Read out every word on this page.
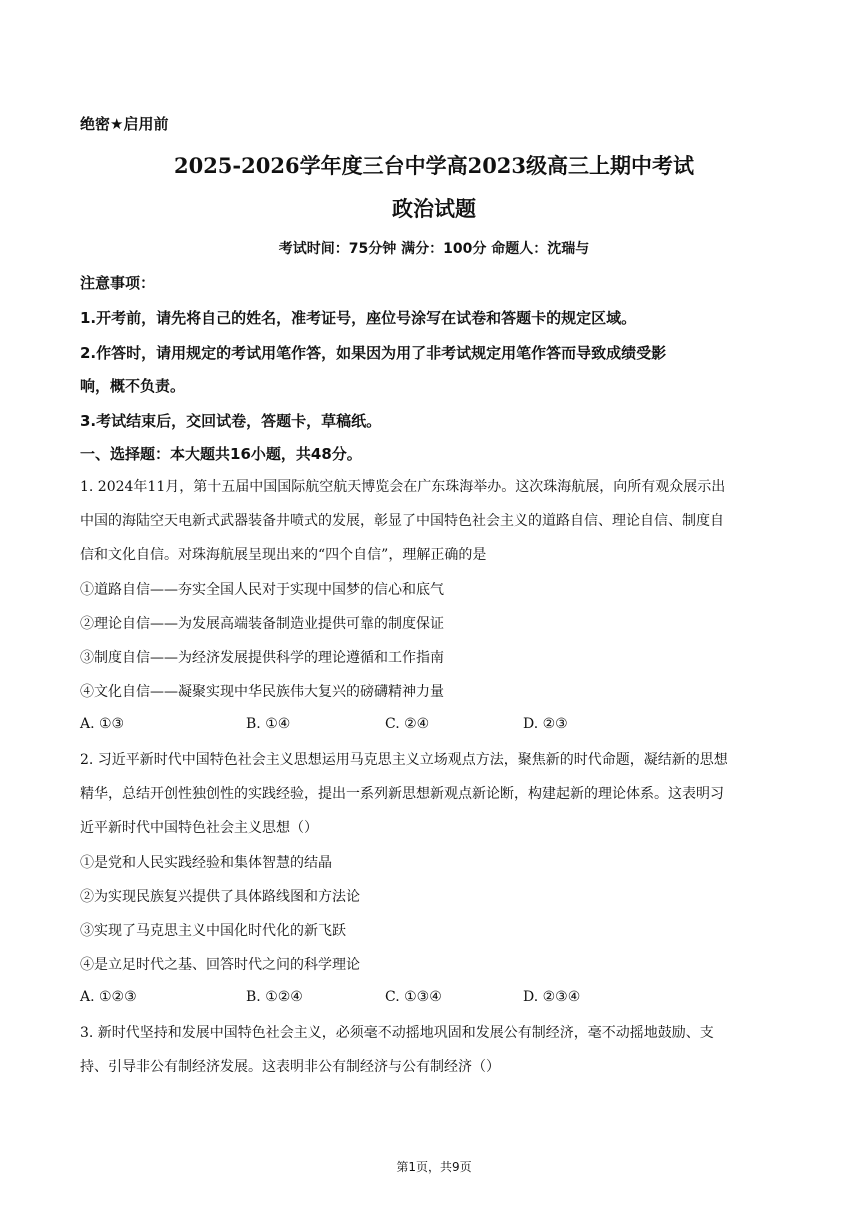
绝密★启用前
2025-2026学年度三台中学高2023级高三上期中考试
政治试题
考试时间：75分钟 满分：100分 命题人：沈瑞与
注意事项：
1.开考前，请先将自己的姓名，准考证号，座位号涂写在试卷和答题卡的规定区域。
2.作答时，请用规定的考试用笔作答，如果因为用了非考试规定用笔作答而导致成绩受影
响，概不负责。
3.考试结束后，交回试卷，答题卡，草稿纸。
一、选择题：本大题共16小题，共48分。
1. 2024年11月，第十五届中国国际航空航天博览会在广东珠海举办。这次珠海航展，向所有观众展示出
中国的海陆空天电新式武器装备井喷式的发展，彰显了中国特色社会主义的道路自信、理论自信、制度自
信和文化自信。对珠海航展呈现出来的“四个自信”，理解正确的是
①道路自信——夯实全国人民对于实现中国梦的信心和底气
②理论自信——为发展高端装备制造业提供可靠的制度保证
③制度自信——为经济发展提供科学的理论遵循和工作指南
④文化自信——凝聚实现中华民族伟大复兴的磅礴精神力量
A. ①③	B. ①④	C. ②④	D. ②③
2. 习近平新时代中国特色社会主义思想运用马克思主义立场观点方法，聚焦新的时代命题，凝结新的思想
精华，总结开创性独创性的实践经验，提出一系列新思想新观点新论断，构建起新的理论体系。这表明习
近平新时代中国特色社会主义思想（）
①是党和人民实践经验和集体智慧的结晶
②为实现民族复兴提供了具体路线图和方法论
③实现了马克思主义中国化时代化的新飞跃
④是立足时代之基、回答时代之问的科学理论
A. ①②③	B. ①②④	C. ①③④	D. ②③④
3. 新时代坚持和发展中国特色社会主义，必须毫不动摇地巩固和发展公有制经济，毫不动摇地鼓励、支
持、引导非公有制经济发展。这表明非公有制经济与公有制经济（）
第1页，共9页
